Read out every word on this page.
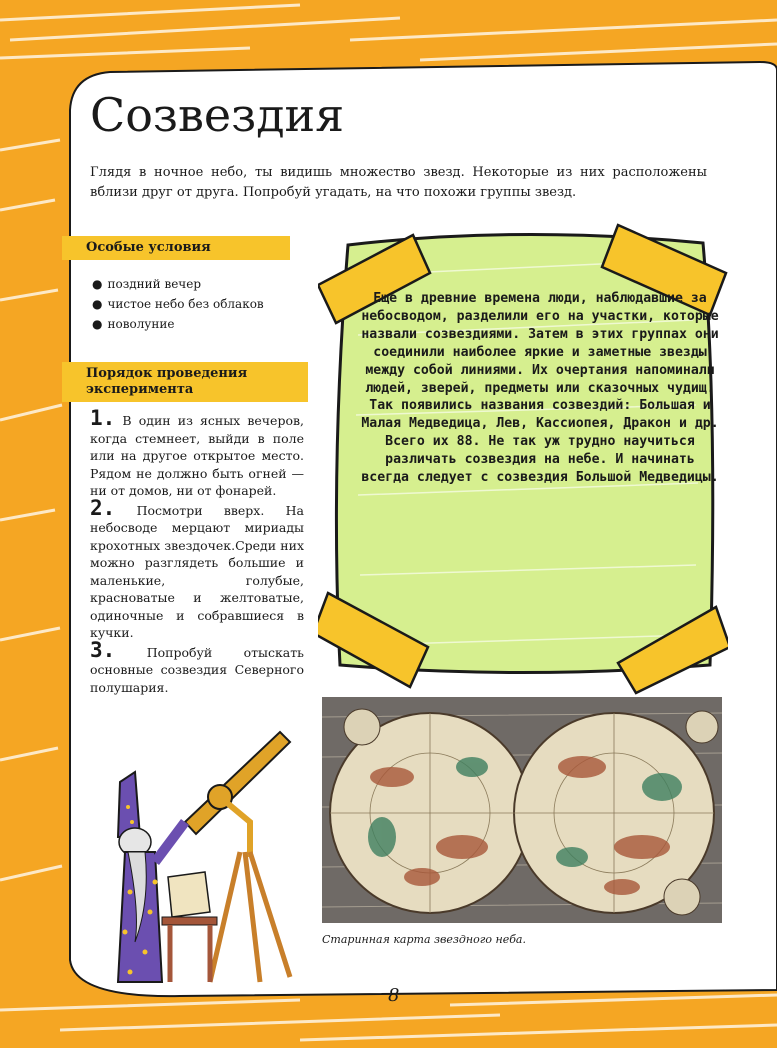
Созвездия

Глядя в ночное небо, ты видишь множество звезд. Некоторые из них расположены вблизи друг от друга. Попробуй угадать, на что похожи группы звезд.

Особые условия
● поздний вечер
● чистое небо без облаков
● новолуние
Порядок проведения эксперимента

1. В один из ясных вечеров, когда стемнеет, выйди в поле или на другое открытое место. Рядом не должно быть огней — ни от домов, ни от фонарей.

2. Посмотри вверх. На небосводе мерцают мириады крохотных звездочек.Среди них можно разглядеть большие и маленькие, голубые, красноватые и желтоватые, одиночные и собравшиеся в кучки.

3.	Попробуй отыскать основные созвездия Северного полушария.

Еще в древние времена люди, наблюдавшие за небосводом, разделили его на участки, которые назвали созвездиями. Затем в этих группах они соединили наиболее яркие и заметные звезды между собой линиями. Их очертания напоминали людей, зверей, предметы или сказочных чудищ. Так появились названия созвездий: Большая и Малая Медведица, Лев, Кассиопея, Дракон и др. Всего их 88. Не так уж трудно научиться различать созвездия на небе. И начинать всегда следует с созвездия Большой Медведицы.

Старинная карта звездного неба.

8
